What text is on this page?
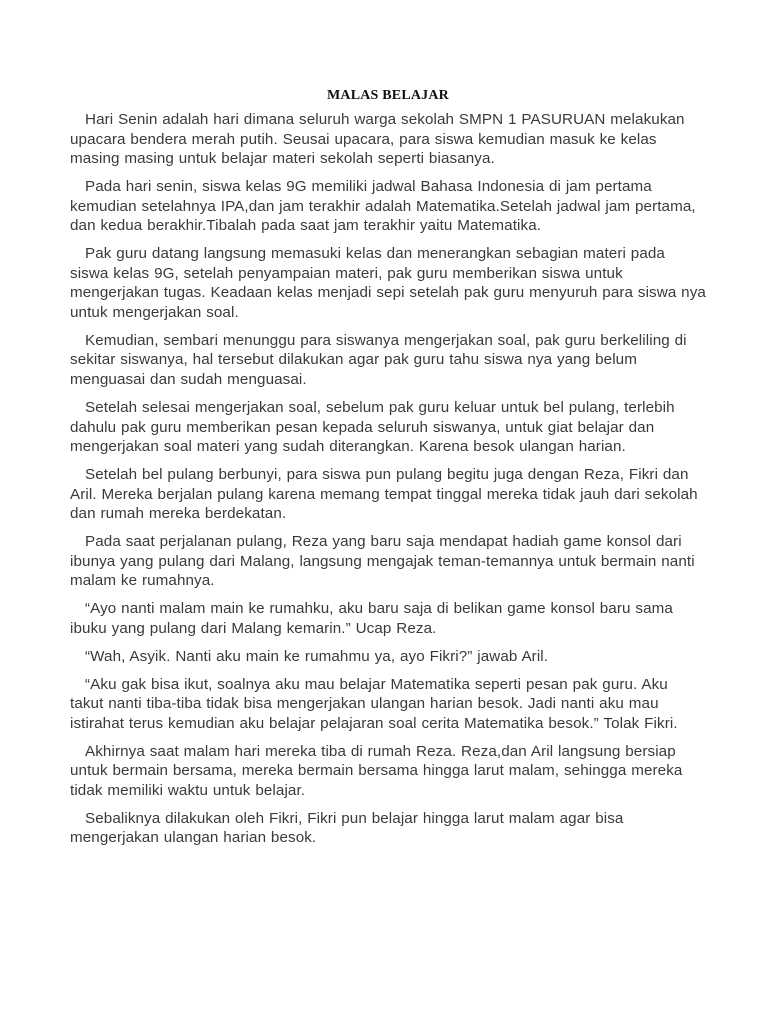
MALAS BELAJAR

Hari Senin adalah hari dimana seluruh warga sekolah SMPN 1 PASURUAN melakukan upacara bendera merah putih. Seusai upacara, para siswa kemudian masuk ke kelas masing masing untuk belajar materi sekolah seperti biasanya.

Pada hari senin, siswa kelas 9G memiliki jadwal Bahasa Indonesia di jam pertama kemudian setelahnya IPA,dan jam terakhir adalah Matematika.Setelah jadwal jam pertama, dan kedua berakhir.Tibalah pada saat jam terakhir yaitu Matematika.

Pak guru datang langsung memasuki kelas dan menerangkan sebagian materi pada siswa kelas 9G, setelah penyampaian materi, pak guru memberikan siswa untuk mengerjakan tugas. Keadaan kelas menjadi sepi setelah pak guru menyuruh para siswa nya untuk mengerjakan soal.

Kemudian, sembari menunggu para siswanya mengerjakan soal, pak guru berkeliling di sekitar siswanya, hal tersebut dilakukan agar pak guru tahu siswa nya yang belum menguasai dan sudah menguasai.

Setelah selesai mengerjakan soal, sebelum pak guru keluar untuk bel pulang, terlebih dahulu pak guru memberikan pesan kepada seluruh siswanya, untuk giat belajar dan mengerjakan soal materi yang sudah diterangkan. Karena besok ulangan harian.

Setelah bel pulang berbunyi, para siswa pun pulang begitu juga dengan Reza, Fikri dan Aril. Mereka berjalan pulang karena memang tempat tinggal mereka tidak jauh dari sekolah dan rumah mereka berdekatan.

Pada saat perjalanan pulang, Reza yang baru saja mendapat hadiah game konsol dari ibunya yang pulang dari Malang, langsung mengajak teman-temannya untuk bermain nanti malam ke rumahnya.

“Ayo nanti malam main ke rumahku, aku baru saja di belikan game konsol baru sama ibuku yang pulang dari Malang kemarin.” Ucap Reza.

“Wah, Asyik. Nanti aku main ke rumahmu ya, ayo Fikri?” jawab Aril.

“Aku gak bisa ikut, soalnya aku mau belajar Matematika seperti pesan pak guru. Aku takut nanti tiba-tiba tidak bisa mengerjakan ulangan harian besok. Jadi nanti aku mau istirahat terus kemudian aku belajar pelajaran soal cerita Matematika besok.” Tolak Fikri.

Akhirnya saat malam hari mereka tiba di rumah Reza. Reza,dan Aril langsung bersiap untuk bermain bersama, mereka bermain bersama hingga larut malam, sehingga mereka tidak memiliki waktu untuk belajar.

Sebaliknya dilakukan oleh Fikri, Fikri pun belajar hingga larut malam agar bisa mengerjakan ulangan harian besok.
